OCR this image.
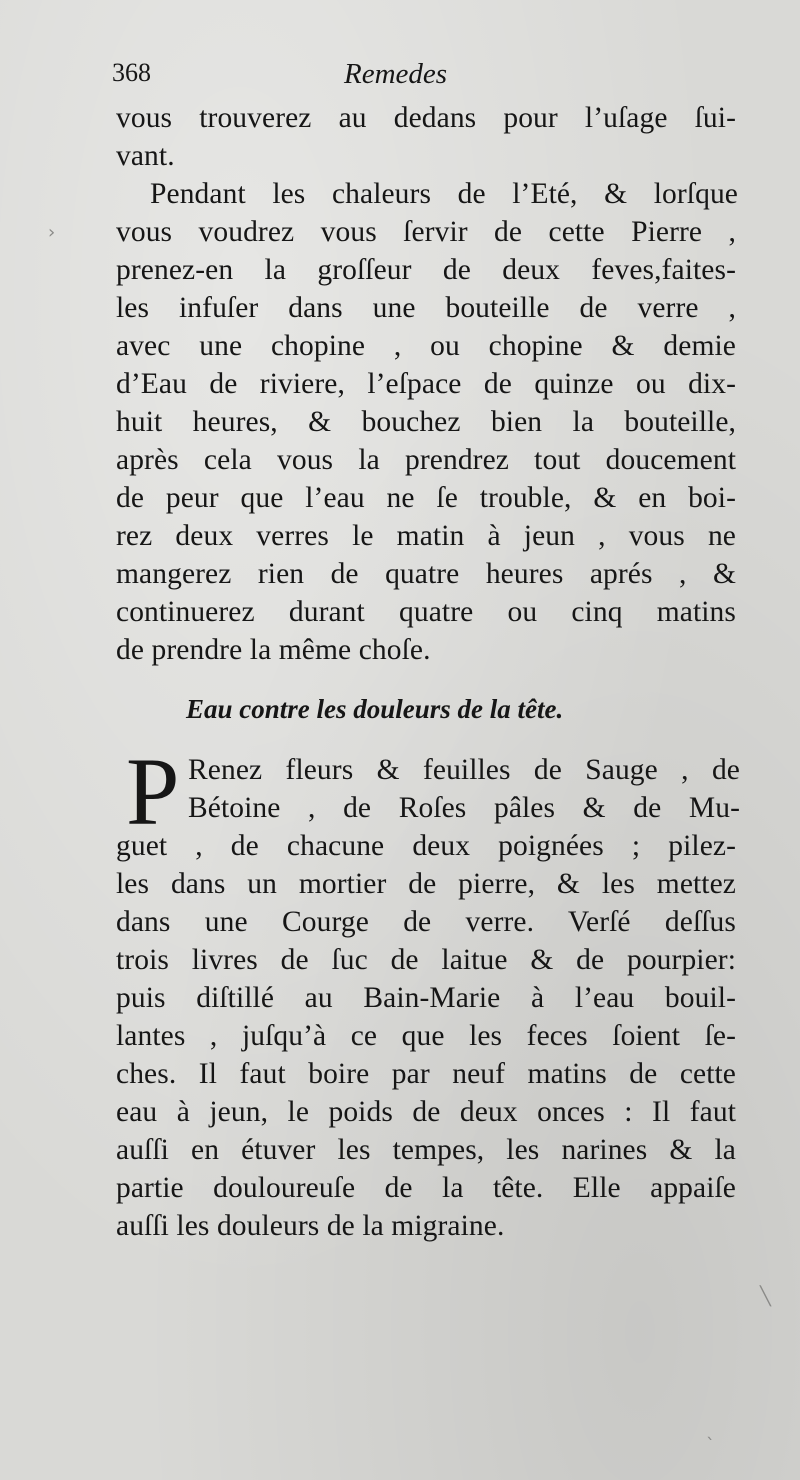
368	Remedes
vous trouverez au dedans pour l’uſage ſui-
vant.
Pendant les chaleurs de l’Eté, & lorſque
vous voudrez vous ſervir de cette Pierre ,
prenez-en la groſſeur de deux feves,faites-
les infuſer dans une bouteille de verre ,
avec une chopine , ou chopine & demie
d’Eau de riviere, l’eſpace de quinze ou dix-
huit heures, & bouchez bien la bouteille,
après cela vous la prendrez tout doucement
de peur que l’eau ne ſe trouble, & en boi-
rez deux verres le matin à jeun , vous ne
mangerez rien de quatre heures aprés , &
continuerez durant quatre ou cinq matins
de prendre la même choſe.
Eau contre les douleurs de la tête.
P Renez fleurs & feuilles de Sauge , de
Bétoine , de Roſes pâles & de Mu-
guet , de chacune deux poignées ; pilez-
les dans un mortier de pierre, & les mettez
dans une Courge de verre. Verſé deſſus
trois livres de ſuc de laitue & de pourpier:
puis diſtillé au Bain-Marie à l’eau bouil-
lantes , juſqu’à ce que les feces ſoient ſe-
ches. Il faut boire par neuf matins de cette
eau à jeun, le poids de deux onces : Il faut
auſſi en étuver les tempes, les narines & la
partie douloureuſe de la tête. Elle appaiſe
auſſi les douleurs de la migraine.
›
╲
ˎ
